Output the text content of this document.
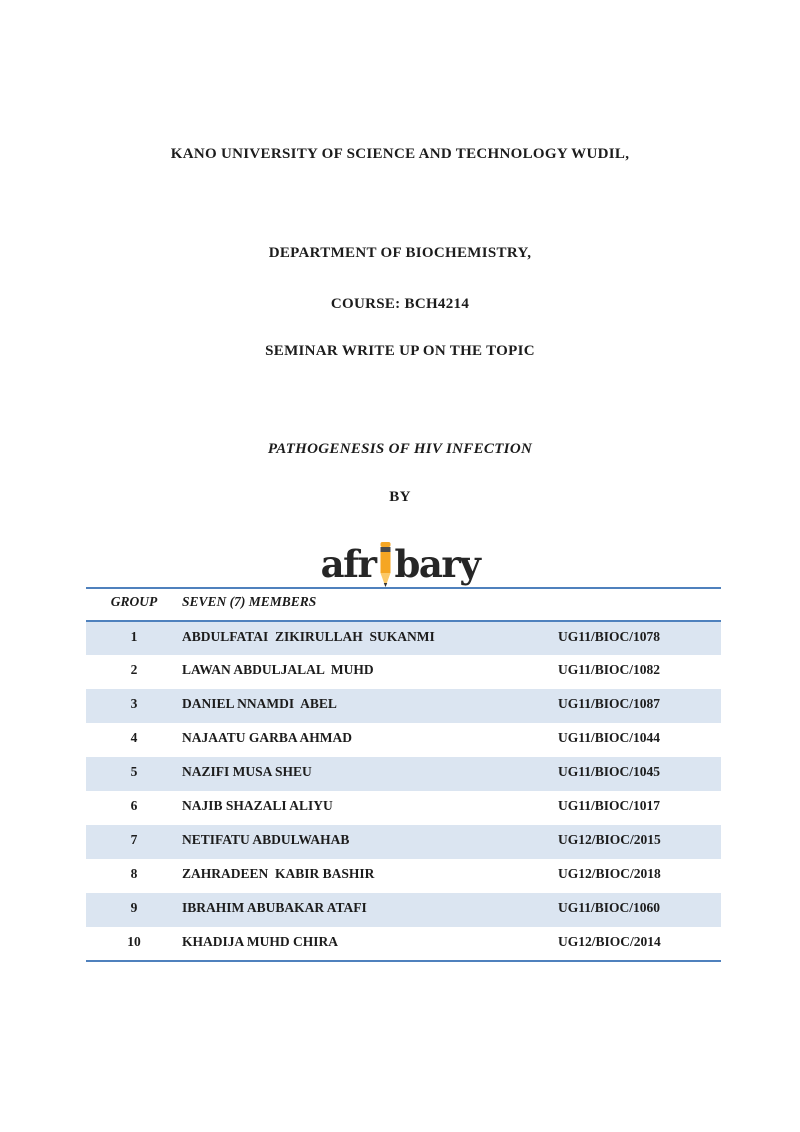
KANO UNIVERSITY OF SCIENCE AND TECHNOLOGY WUDIL,
DEPARTMENT OF BIOCHEMISTRY,
COURSE: BCH4214
SEMINAR WRITE UP ON THE TOPIC
PATHOGENESIS OF HIV INFECTION
BY
afr bary
GROUP	SEVEN (7) MEMBERS	
1	ABDULFATAI  ZIKIRULLAH  SUKANMI	UG11/BIOC/1078
2	LAWAN ABDULJALAL  MUHD	UG11/BIOC/1082
3	DANIEL NNAMDI  ABEL	UG11/BIOC/1087
4	NAJAATU GARBA AHMAD	UG11/BIOC/1044
5	NAZIFI MUSA SHEU	UG11/BIOC/1045
6	NAJIB SHAZALI ALIYU	UG11/BIOC/1017
7	NETIFATU ABDULWAHAB	UG12/BIOC/2015
8	ZAHRADEEN  KABIR BASHIR	UG12/BIOC/2018
9	IBRAHIM ABUBAKAR ATAFI	UG11/BIOC/1060
10	KHADIJA MUHD CHIRA	UG12/BIOC/2014
